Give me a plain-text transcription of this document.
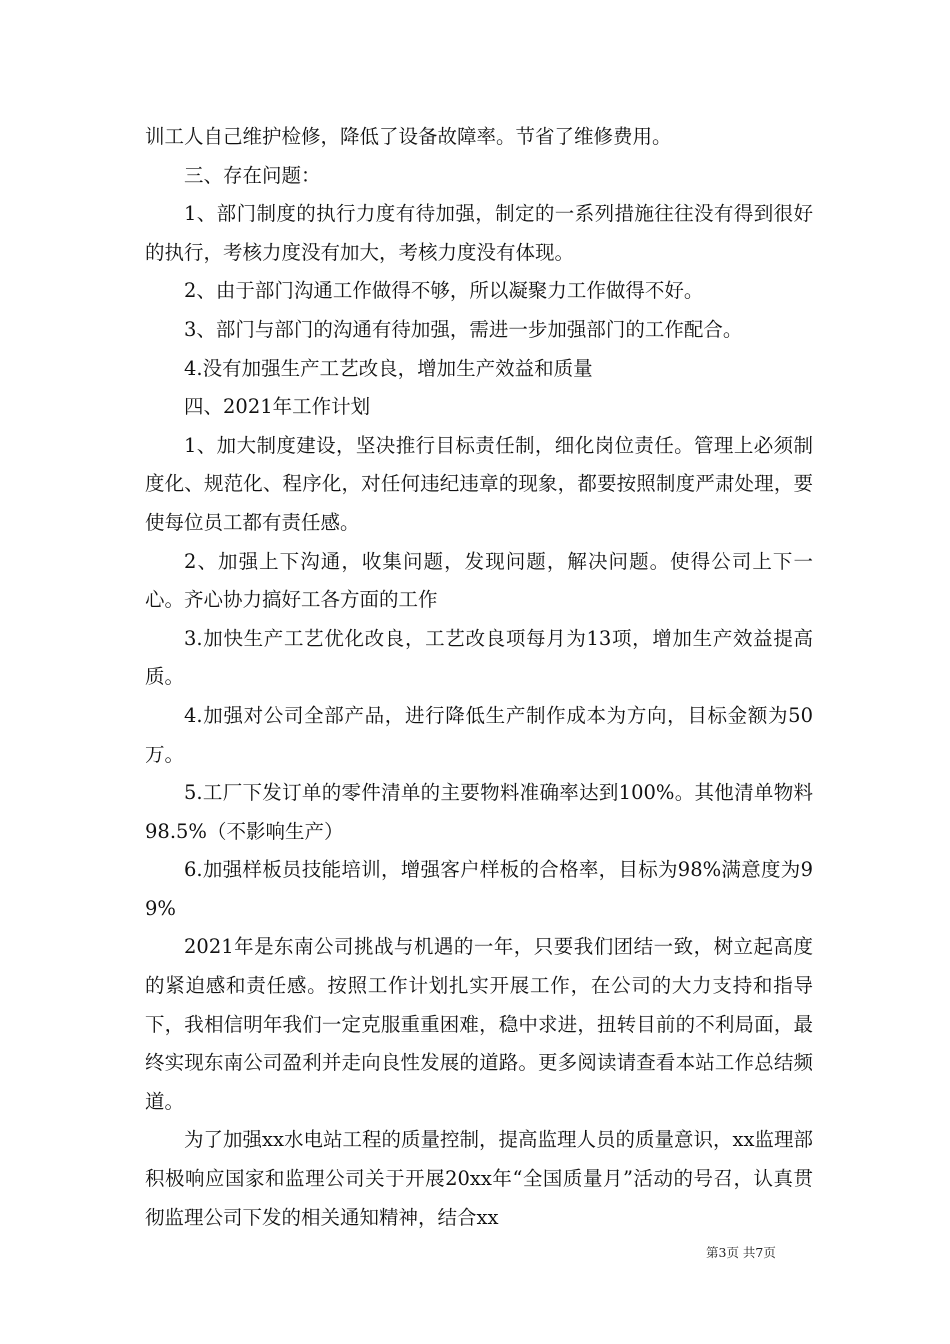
训工人自己维护检修，降低了设备故障率。节省了维修费用。

三、存在问题：

1、部门制度的执行力度有待加强，制定的一系列措施往往没有得到很好的执行，考核力度没有加大，考核力度没有体现。

2、由于部门沟通工作做得不够，所以凝聚力工作做得不好。

3、部门与部门的沟通有待加强，需进一步加强部门的工作配合。

4.没有加强生产工艺改良，增加生产效益和质量

四、2021年工作计划

1、加大制度建设，坚决推行目标责任制，细化岗位责任。管理上必须制度化、规范化、程序化，对任何违纪违章的现象，都要按照制度严肃处理，要使每位员工都有责任感。

2、加强上下沟通，收集问题，发现问题，解决问题。使得公司上下一心。齐心协力搞好工各方面的工作

3.加快生产工艺优化改良，工艺改良项每月为13项，增加生产效益提高质。

4.加强对公司全部产品，进行降低生产制作成本为方向，目标金额为50万。

5.工厂下发订单的零件清单的主要物料准确率达到100%。其他清单物料98.5%（不影响生产）

6.加强样板员技能培训，增强客户样板的合格率，目标为98%满意度为99%

2021年是东南公司挑战与机遇的一年，只要我们团结一致，树立起高度的紧迫感和责任感。按照工作计划扎实开展工作，在公司的大力支持和指导下，我相信明年我们一定克服重重困难，稳中求进，扭转目前的不利局面，最终实现东南公司盈利并走向良性发展的道路。更多阅读请查看本站工作总结频道。

为了加强xx水电站工程的质量控制，提高监理人员的质量意识，xx监理部积极响应国家和监理公司关于开展20xx年“全国质量月”活动的号召，认真贯彻监理公司下发的相关通知精神，结合xx

第3页 共7页
